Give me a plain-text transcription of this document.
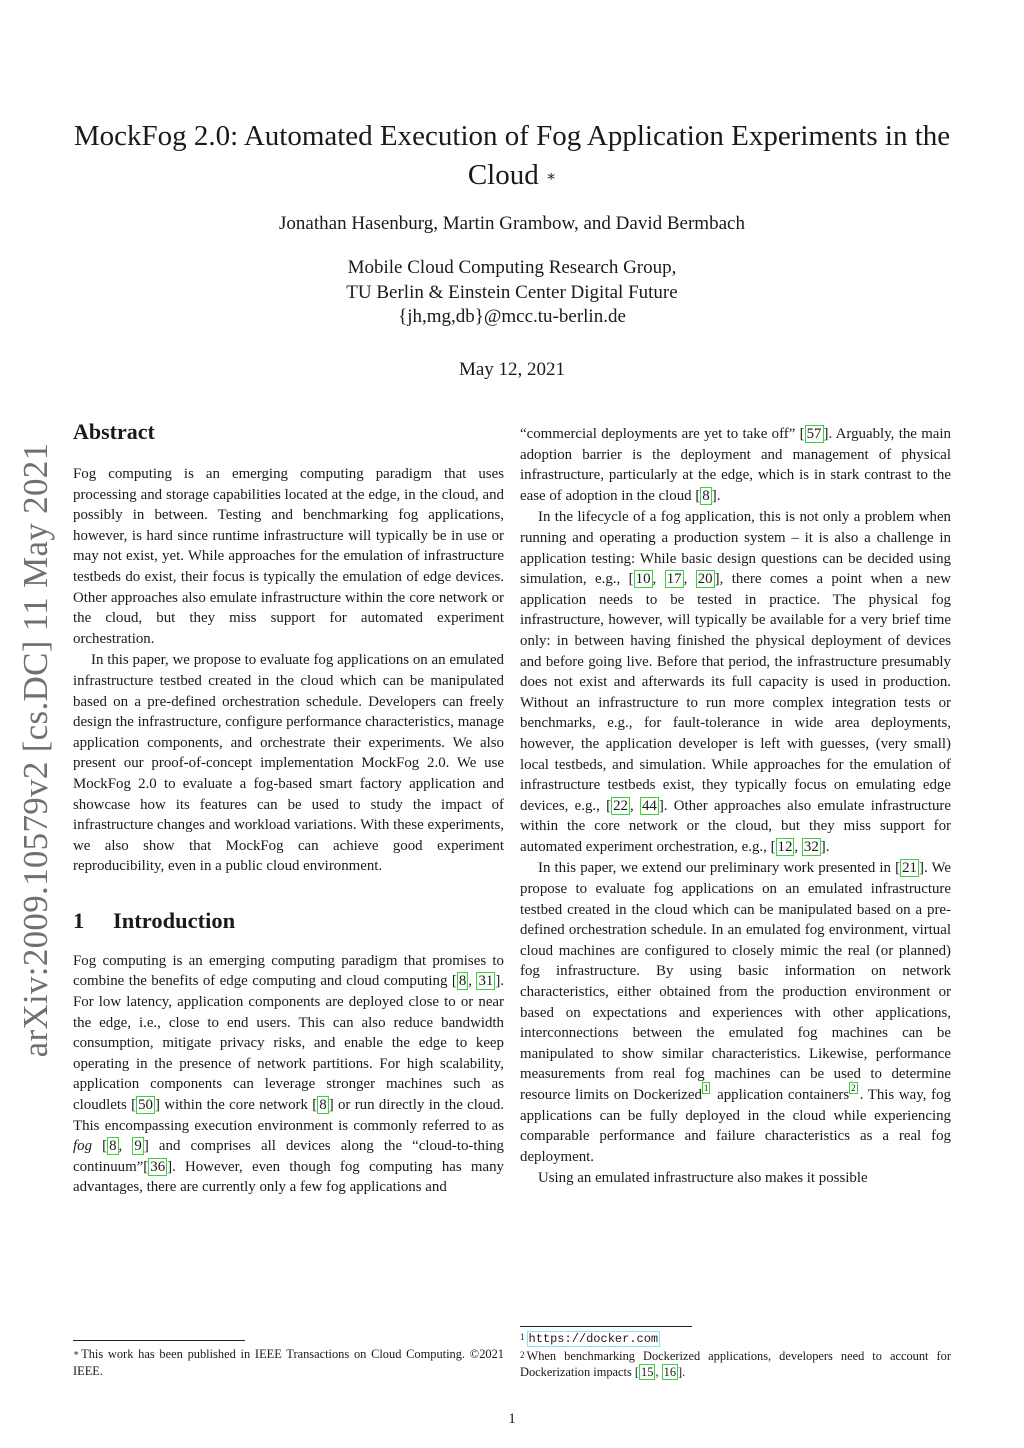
arXiv:2009.10579v2 [cs.DC] 11 May 2021
MockFog 2.0: Automated Execution of Fog Application Experiments in the Cloud ∗
Jonathan Hasenburg, Martin Grambow, and David Bermbach
Mobile Cloud Computing Research Group,
TU Berlin & Einstein Center Digital Future
{jh,mg,db}@mcc.tu-berlin.de
May 12, 2021
Abstract

Fog computing is an emerging computing paradigm that uses processing and storage capabilities located at the edge, in the cloud, and possibly in between. Testing and benchmarking fog applications, however, is hard since runtime infrastructure will typically be in use or may not exist, yet. While approaches for the emulation of infrastructure testbeds do exist, their focus is typically the emulation of edge devices. Other approaches also emulate infrastructure within the core network or the cloud, but they miss support for automated experiment orchestration.

In this paper, we propose to evaluate fog applications on an emulated infrastructure testbed created in the cloud which can be manipulated based on a pre-defined orchestration schedule. Developers can freely design the infrastructure, configure performance characteristics, manage application components, and orchestrate their experiments. We also present our proof-of-concept implementation MockFog 2.0. We use MockFog 2.0 to evaluate a fog-based smart factory application and showcase how its features can be used to study the impact of infrastructure changes and workload variations. With these experiments, we also show that MockFog can achieve good experiment reproducibility, even in a public cloud environment.

1 Introduction

Fog computing is an emerging computing paradigm that promises to combine the benefits of edge computing and cloud computing [ 8 , 31 ]. For low latency, application components are deployed close to or near the edge, i.e., close to end users. This can also reduce bandwidth consumption, mitigate privacy risks, and enable the edge to keep operating in the presence of network partitions. For high scalability, application components can leverage stronger machines such as cloudlets [ 50 ] within the core network [ 8 ] or run directly in the cloud. This encompassing execution environment is commonly referred to as fog [ 8 , 9 ] and comprises all devices along the “cloud-to-thing continuum”[ 36 ]. However, even though fog computing has many advantages, there are currently only a few fog applications and

“commercial deployments are yet to take off” [ 57 ]. Arguably, the main adoption barrier is the deployment and management of physical infrastructure, particularly at the edge, which is in stark contrast to the ease of adoption in the cloud [ 8 ].

In the lifecycle of a fog application, this is not only a problem when running and operating a production system – it is also a challenge in application testing: While basic design questions can be decided using simulation, e.g., [ 10 , 17 , 20 ], there comes a point when a new application needs to be tested in practice. The physical fog infrastructure, however, will typically be available for a very brief time only: in between having finished the physical deployment of devices and before going live. Before that period, the infrastructure presumably does not exist and afterwards its full capacity is used in production. Without an infrastructure to run more complex integration tests or benchmarks, e.g., for fault-tolerance in wide area deployments, however, the application developer is left with guesses, (very small) local testbeds, and simulation. While approaches for the emulation of infrastructure testbeds exist, they typically focus on emulating edge devices, e.g., [ 22 , 44 ]. Other approaches also emulate infrastructure within the core network or the cloud, but they miss support for automated experiment orchestration, e.g., [ 12 , 32 ].

In this paper, we extend our preliminary work presented in [ 21 ]. We propose to evaluate fog applications on an emulated infrastructure testbed created in the cloud which can be manipulated based on a pre-defined orchestration schedule. In an emulated fog environment, virtual cloud machines are configured to closely mimic the real (or planned) fog infrastructure. By using basic information on network characteristics, either obtained from the production environment or based on expectations and experiences with other applications, interconnections between the emulated fog machines can be manipulated to show similar characteristics. Likewise, performance measurements from real fog machines can be used to determine resource limits on Dockerized $^1$ application containers $^2$ . This way, fog applications can be fully deployed in the cloud while experiencing comparable performance and failure characteristics as a real fog deployment.

Using an emulated infrastructure also makes it possible

∗ This work has been published in IEEE Transactions on Cloud Computing. ©2021 IEEE.

$^1$ https://docker.com

$^2$ When benchmarking Dockerized applications, developers need to account for Dockerization impacts [ 15 , 16 ].

1
